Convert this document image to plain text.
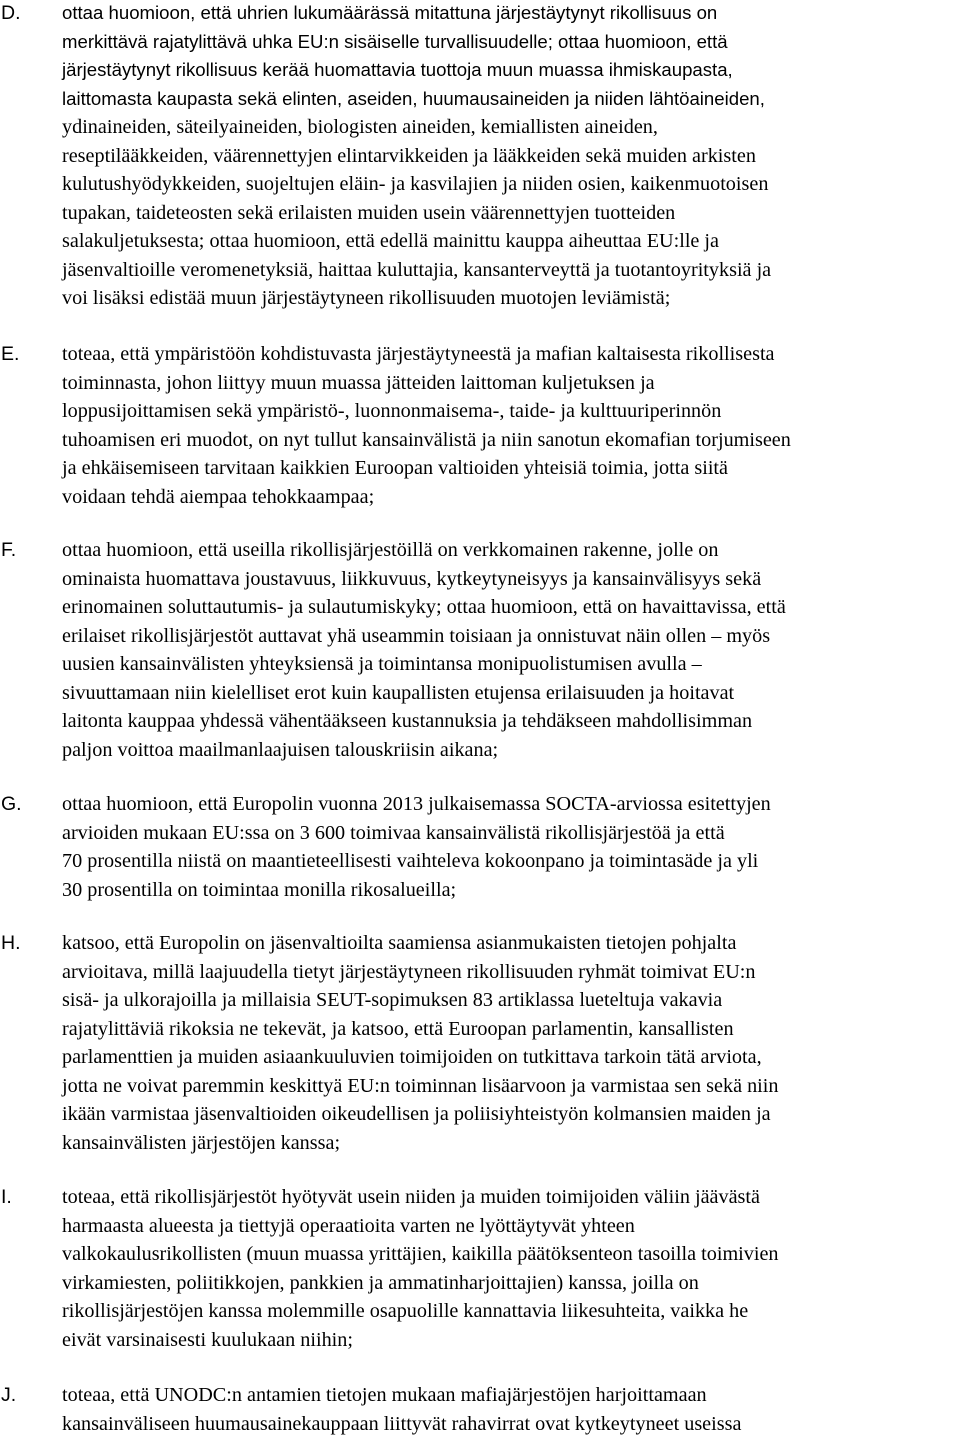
D.	ottaa huomioon, että uhrien lukumäärässä mitattuna järjestäytynyt rikollisuus on
merkittävä rajatylittävä uhka EU:n sisäiselle turvallisuudelle; ottaa huomioon, että
järjestäytynyt rikollisuus kerää huomattavia tuottoja muun muassa ihmiskaupasta,
laittomasta kaupasta sekä elinten, aseiden, huumausaineiden ja niiden lähtöaineiden,
ydinaineiden, säteilyaineiden, biologisten aineiden, kemiallisten aineiden,
reseptilääkkeiden, väärennettyjen elintarvikkeiden ja lääkkeiden sekä muiden arkisten
kulutushyödykkeiden, suojeltujen eläin- ja kasvilajien ja niiden osien, kaikenmuotoisen
tupakan, taideteosten sekä erilaisten muiden usein väärennettyjen tuotteiden
salakuljetuksesta; ottaa huomioon, että edellä mainittu kauppa aiheuttaa EU:lle ja
jäsenvaltioille veromenetyksiä, haittaa kuluttajia, kansanterveyttä ja tuotantoyrityksiä ja
voi lisäksi edistää muun järjestäytyneen rikollisuuden muotojen leviämistä;
E.	toteaa, että ympäristöön kohdistuvasta järjestäytyneestä ja mafian kaltaisesta rikollisesta
toiminnasta, johon liittyy muun muassa jätteiden laittoman kuljetuksen ja
loppusijoittamisen sekä ympäristö-, luonnonmaisema-, taide- ja kulttuuriperinnön
tuhoamisen eri muodot, on nyt tullut kansainvälistä ja niin sanotun ekomafian torjumiseen
ja ehkäisemiseen tarvitaan kaikkien Euroopan valtioiden yhteisiä toimia, jotta siitä
voidaan tehdä aiempaa tehokkaampaa;
F.	ottaa huomioon, että useilla rikollisjärjestöillä on verkkomainen rakenne, jolle on
ominaista huomattava joustavuus, liikkuvuus, kytkeytyneisyys ja kansainvälisyys sekä
erinomainen soluttautumis- ja sulautumiskyky; ottaa huomioon, että on havaittavissa, että
erilaiset rikollisjärjestöt auttavat yhä useammin toisiaan ja onnistuvat näin ollen – myös
uusien kansainvälisten yhteyksiensä ja toimintansa monipuolistumisen avulla –
sivuuttamaan niin kielelliset erot kuin kaupallisten etujensa erilaisuuden ja hoitavat
laitonta kauppaa yhdessä vähentääkseen kustannuksia ja tehdäkseen mahdollisimman
paljon voittoa maailmanlaajuisen talouskriisin aikana;
G.	ottaa huomioon, että Europolin vuonna 2013 julkaisemassa SOCTA-arviossa esitettyjen
arvioiden mukaan EU:ssa on 3 600 toimivaa kansainvälistä rikollisjärjestöä ja että
70 prosentilla niistä on maantieteellisesti vaihteleva kokoonpano ja toimintasäde ja yli
30 prosentilla on toimintaa monilla rikosalueilla;
H.	katsoo, että Europolin on jäsenvaltioilta saamiensa asianmukaisten tietojen pohjalta
arvioitava, millä laajuudella tietyt järjestäytyneen rikollisuuden ryhmät toimivat EU:n
sisä- ja ulkorajoilla ja millaisia SEUT-sopimuksen 83 artiklassa lueteltuja vakavia
rajatylittäviä rikoksia ne tekevät, ja katsoo, että Euroopan parlamentin, kansallisten
parlamenttien ja muiden asiaankuuluvien toimijoiden on tutkittava tarkoin tätä arviota,
jotta ne voivat paremmin keskittyä EU:n toiminnan lisäarvoon ja varmistaa sen sekä niin
ikään varmistaa jäsenvaltioiden oikeudellisen ja poliisiyhteistyön kolmansien maiden ja
kansainvälisten järjestöjen kanssa;
I.	toteaa, että rikollisjärjestöt hyötyvät usein niiden ja muiden toimijoiden väliin jäävästä
harmaasta alueesta ja tiettyjä operaatioita varten ne lyöttäytyvät yhteen
valkokaulusrikollisten (muun muassa yrittäjien, kaikilla päätöksenteon tasoilla toimivien
virkamiesten, poliitikkojen, pankkien ja ammatinharjoittajien) kanssa, joilla on
rikollisjärjestöjen kanssa molemmille osapuolille kannattavia liikesuhteita, vaikka he
eivät varsinaisesti kuulukaan niihin;
J.	toteaa, että UNODC:n antamien tietojen mukaan mafiajärjestöjen harjoittamaan
kansainväliseen huumausainekauppaan liittyvät rahavirrat ovat kytkeytyneet useissa
